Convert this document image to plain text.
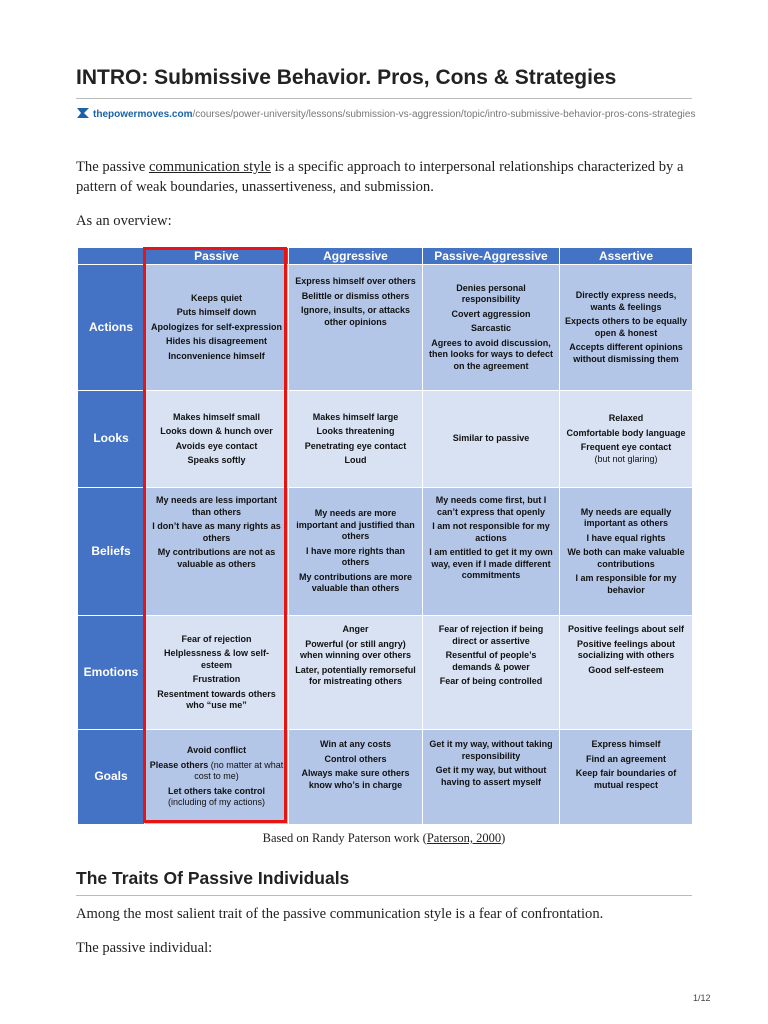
INTRO: Submissive Behavior. Pros, Cons & Strategies
thepowermoves.com/courses/power-university/lessons/submission-vs-aggression/topic/intro-submissive-behavior-pros-cons-strategies

The passive communication style is a specific approach to interpersonal relationships characterized by a pattern of weak boundaries, unassertiveness, and submission.

As an overview:

	Passive	Aggressive	Passive-Aggressive	Assertive
Actions	Keeps quiet
Puts himself down
Apologizes for self-expression
Hides his disagreement
Inconvenience himself	Express himself over others
Belittle or dismiss others
Ignore, insults, or attacks other opinions	Denies personal responsibility
Covert aggression
Sarcastic
Agrees to avoid discussion, then looks for ways to defect on the agreement	Directly express needs, wants & feelings
Expects others to be equally open & honest
Accepts different opinions without dismissing them

Looks	Makes himself small
Looks down & hunch over
Avoids eye contact
Speaks softly	Makes himself large
Looks threatening
Penetrating eye contact
Loud	Similar to passive	Relaxed
Comfortable body language
Frequent eye contact
(but not glaring)

Beliefs	My needs are less important than others
I don’t have as many rights as others
My contributions are not as valuable as others	My needs are more important and justified than others
I have more rights than others
My contributions are more valuable than others	My needs come first, but I can’t express that openly
I am not responsible for my actions
I am entitled to get it my own way, even if I made different commitments	My needs are equally important as others
I have equal rights
We both can make valuable contributions
I am responsible for my behavior

Emotions	Fear of rejection
Helplessness & low self-esteem
Frustration
Resentment towards others who “use me”	Anger
Powerful (or still angry) when winning over others
Later, potentially remorseful for mistreating others	Fear of rejection if being direct or assertive
Resentful of people’s demands & power
Fear of being controlled	Positive feelings about self
Positive feelings about socializing with others
Good self-esteem

Goals	Avoid conflict
Please others (no matter at what cost to me)
Let others take control
(including of my actions)	Win at any costs
Control others
Always make sure others know who’s in charge	Get it my way, without taking responsibility
Get it my way, but without having to assert myself	Express himself
Find an agreement
Keep fair boundaries of mutual respect

Based on Randy Paterson work (Paterson, 2000)

The Traits Of Passive Individuals

Among the most salient trait of the passive communication style is a fear of confrontation.

The passive individual:

1/12
